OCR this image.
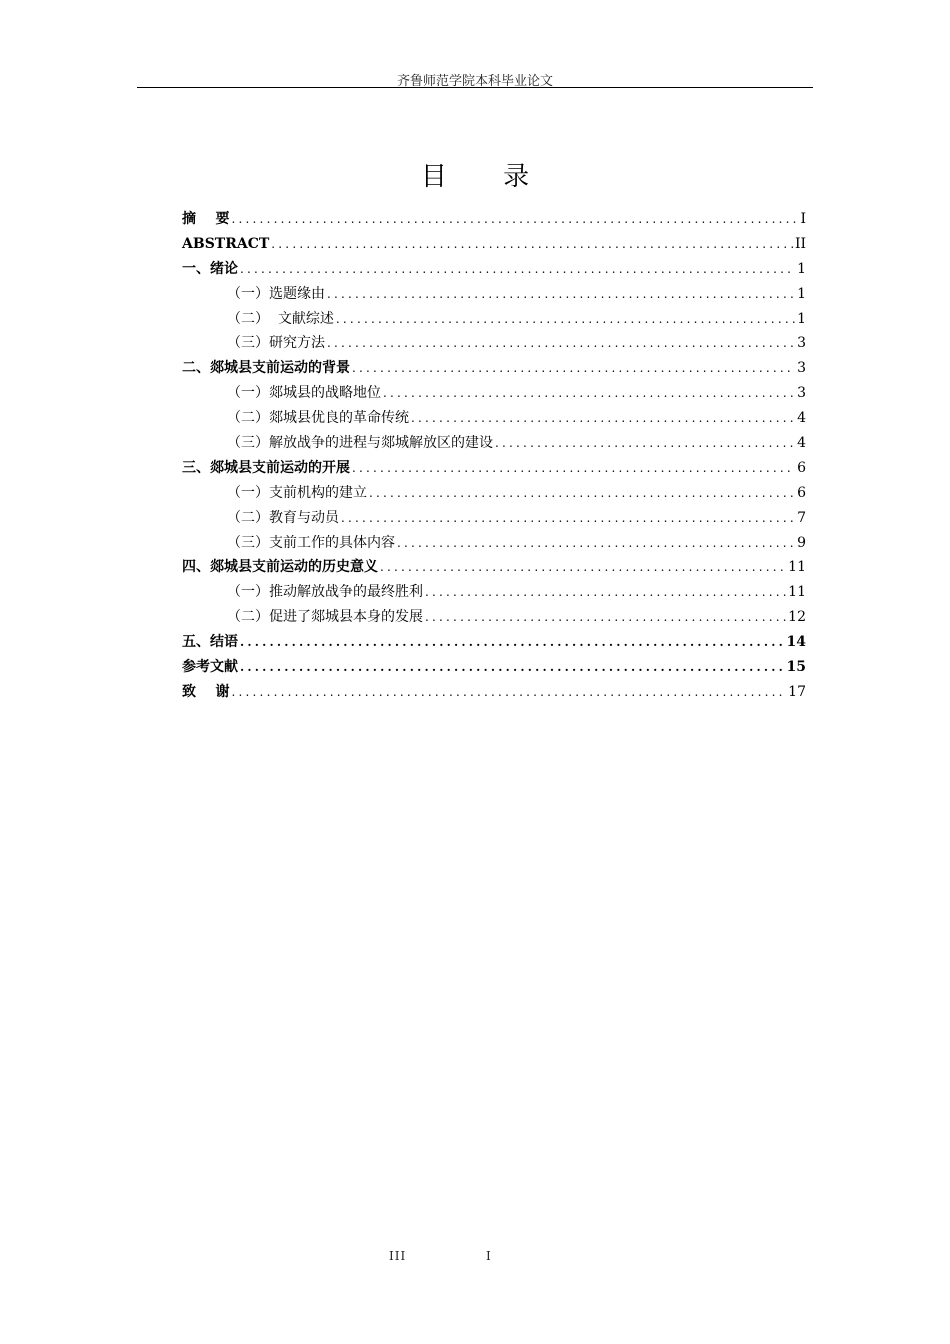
齐鲁师范学院本科毕业论文
目 录
摘    要 .....	I
ABSTRACT .....	II
一、绪论 .....	1
（一）选题缘由 .....	1
（二）  文献综述 .....	1
（三）研究方法 .....	3
二、郯城县支前运动的背景 .....	3
（一）郯城县的战略地位 .....	3
（二）郯城县优良的革命传统 .....	4
（三）解放战争的进程与郯城解放区的建设 .....	4
三、郯城县支前运动的开展 .....	6
（一）支前机构的建立 .....	6
（二）教育与动员 .....	7
（三）支前工作的具体内容 .....	9
四、郯城县支前运动的历史意义 .....	11
（一）推动解放战争的最终胜利 .....	11
（二）促进了郯城县本身的发展 .....	12
五、结语 .....	14
参考文献 .....	15
致    谢 .....	17
III	I
